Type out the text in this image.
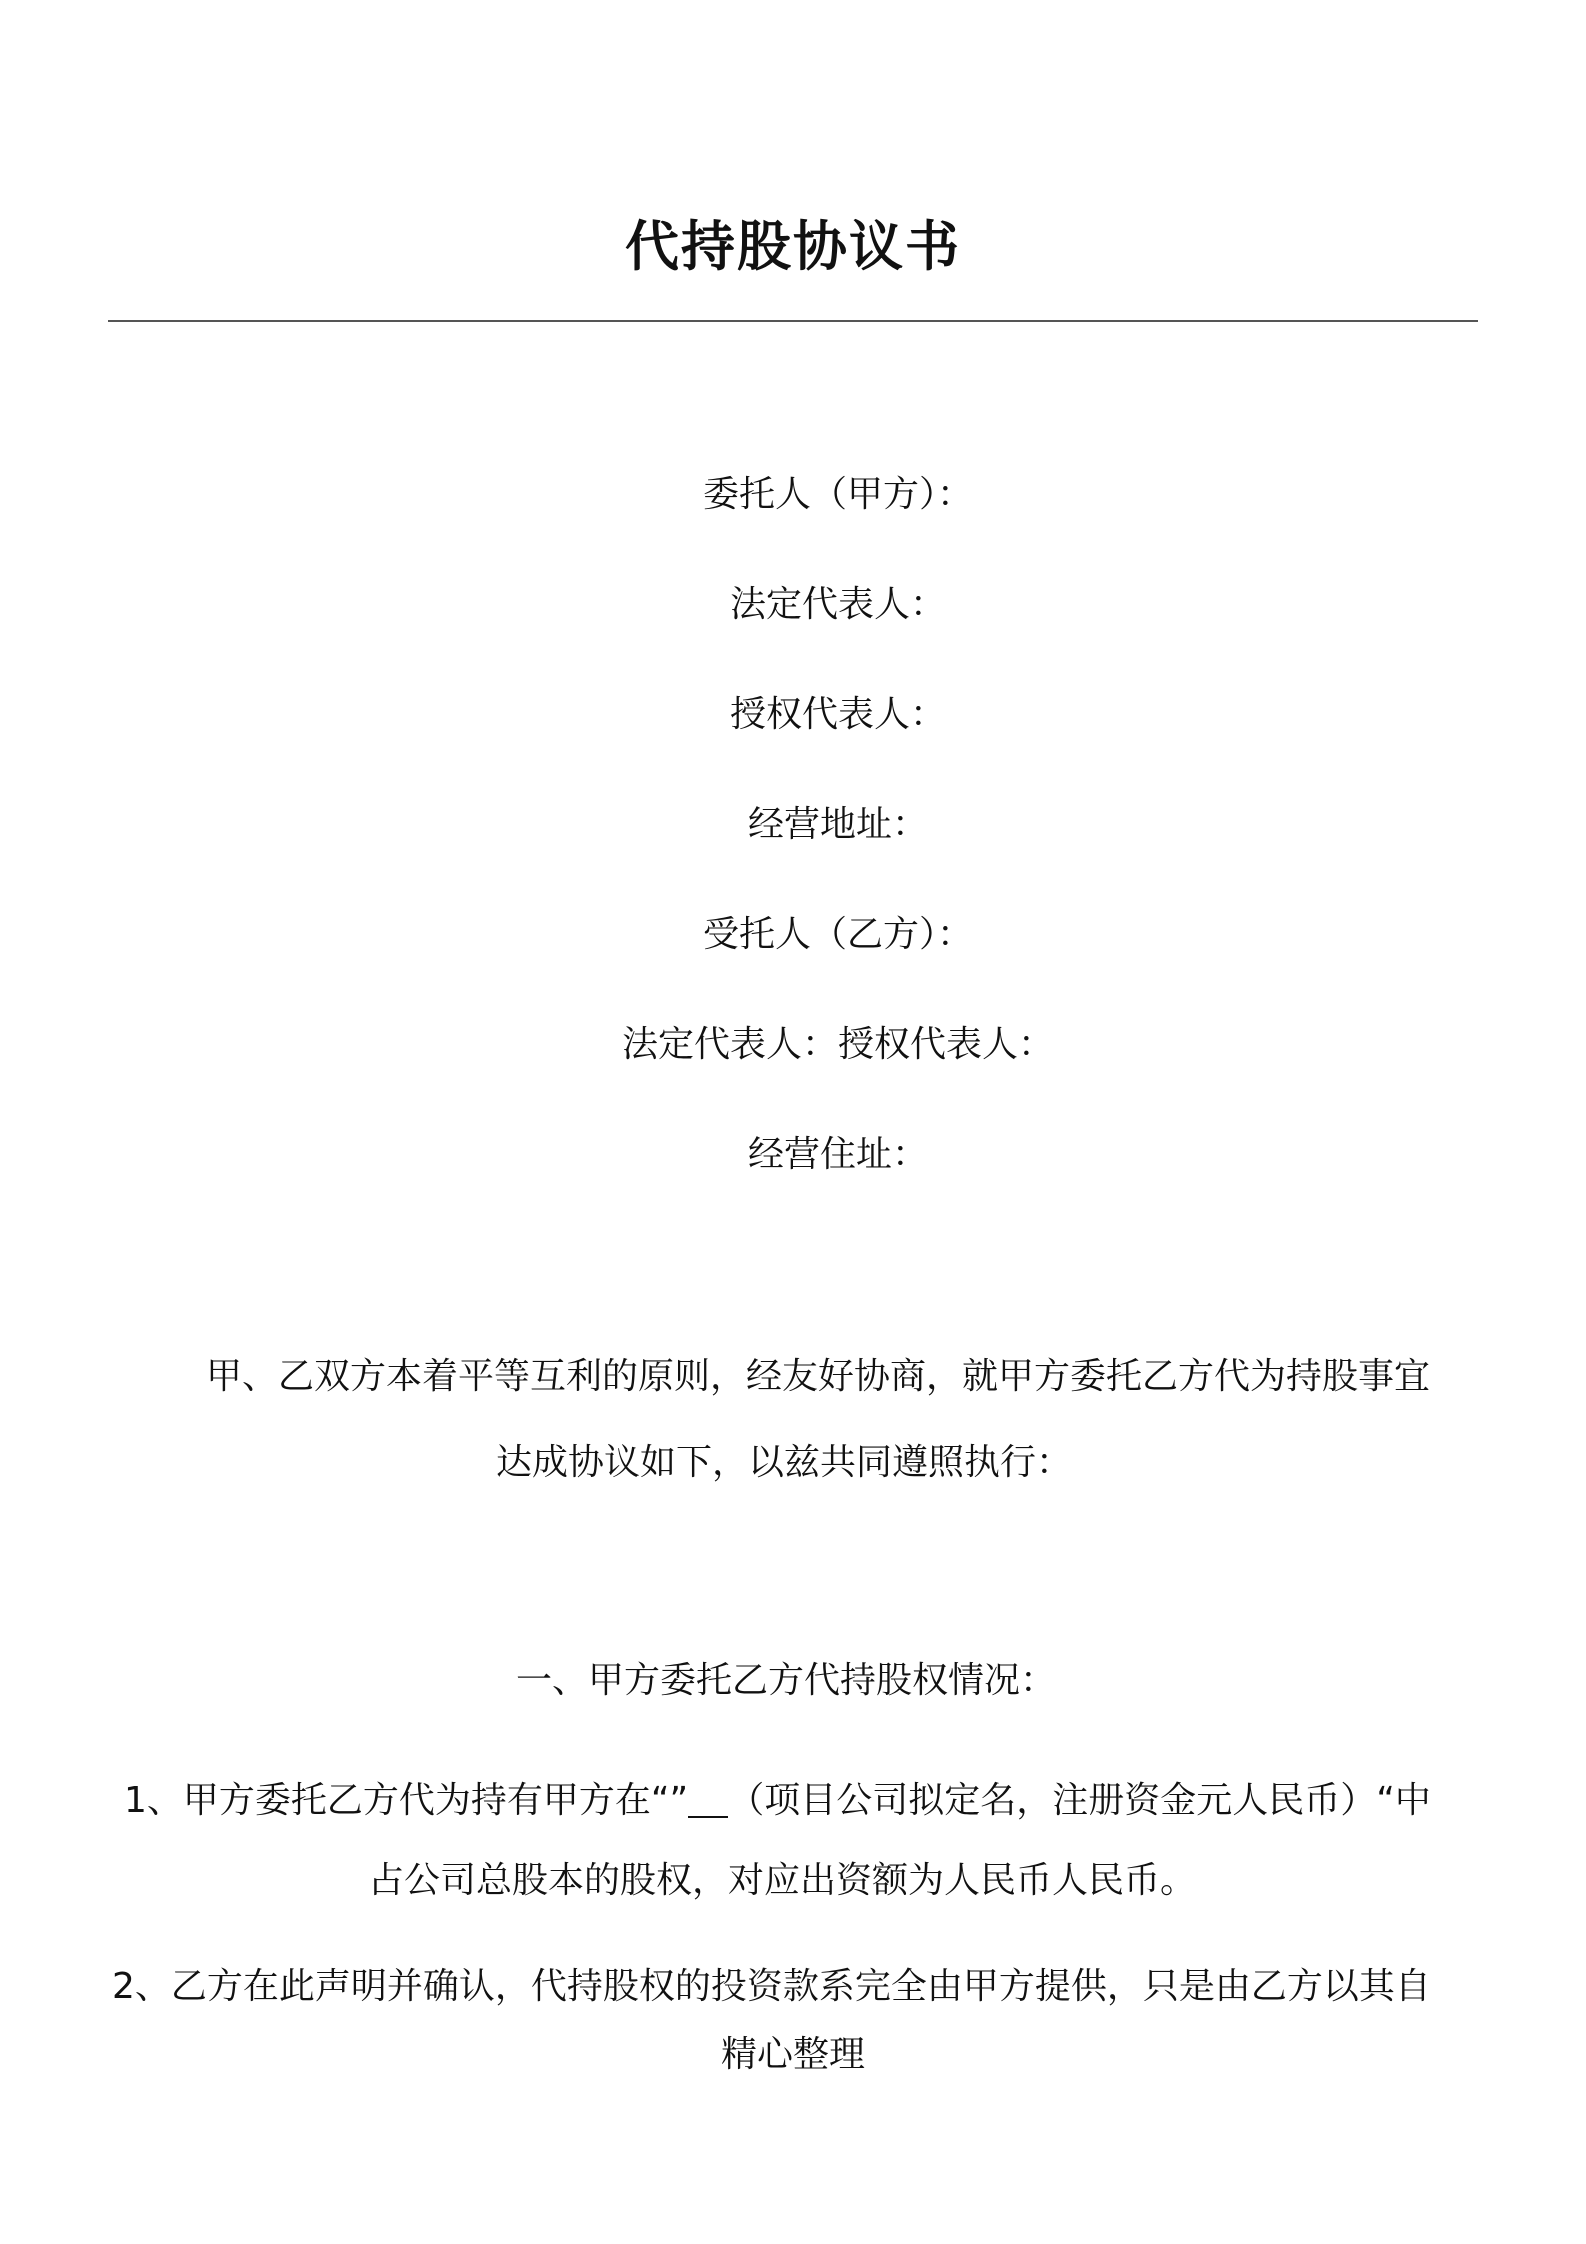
代持股协议书
委托人（甲方）：
法定代表人：
授权代表人：
经营地址：
受托人（乙方）：
法定代表人：授权代表人：
经营住址：
甲、乙双方本着平等互利的原则，经友好协商，就甲方委托乙方代为持股事宜
达成协议如下，以兹共同遵照执行：
一、甲方委托乙方代持股权情况：
1、甲方委托乙方代为持有甲方在“” （项目公司拟定名，注册资金元人民币）“中
占公司总股本的股权，对应出资额为人民币人民币。
2、乙方在此声明并确认，代持股权的投资款系完全由甲方提供，只是由乙方以其自
精心整理
